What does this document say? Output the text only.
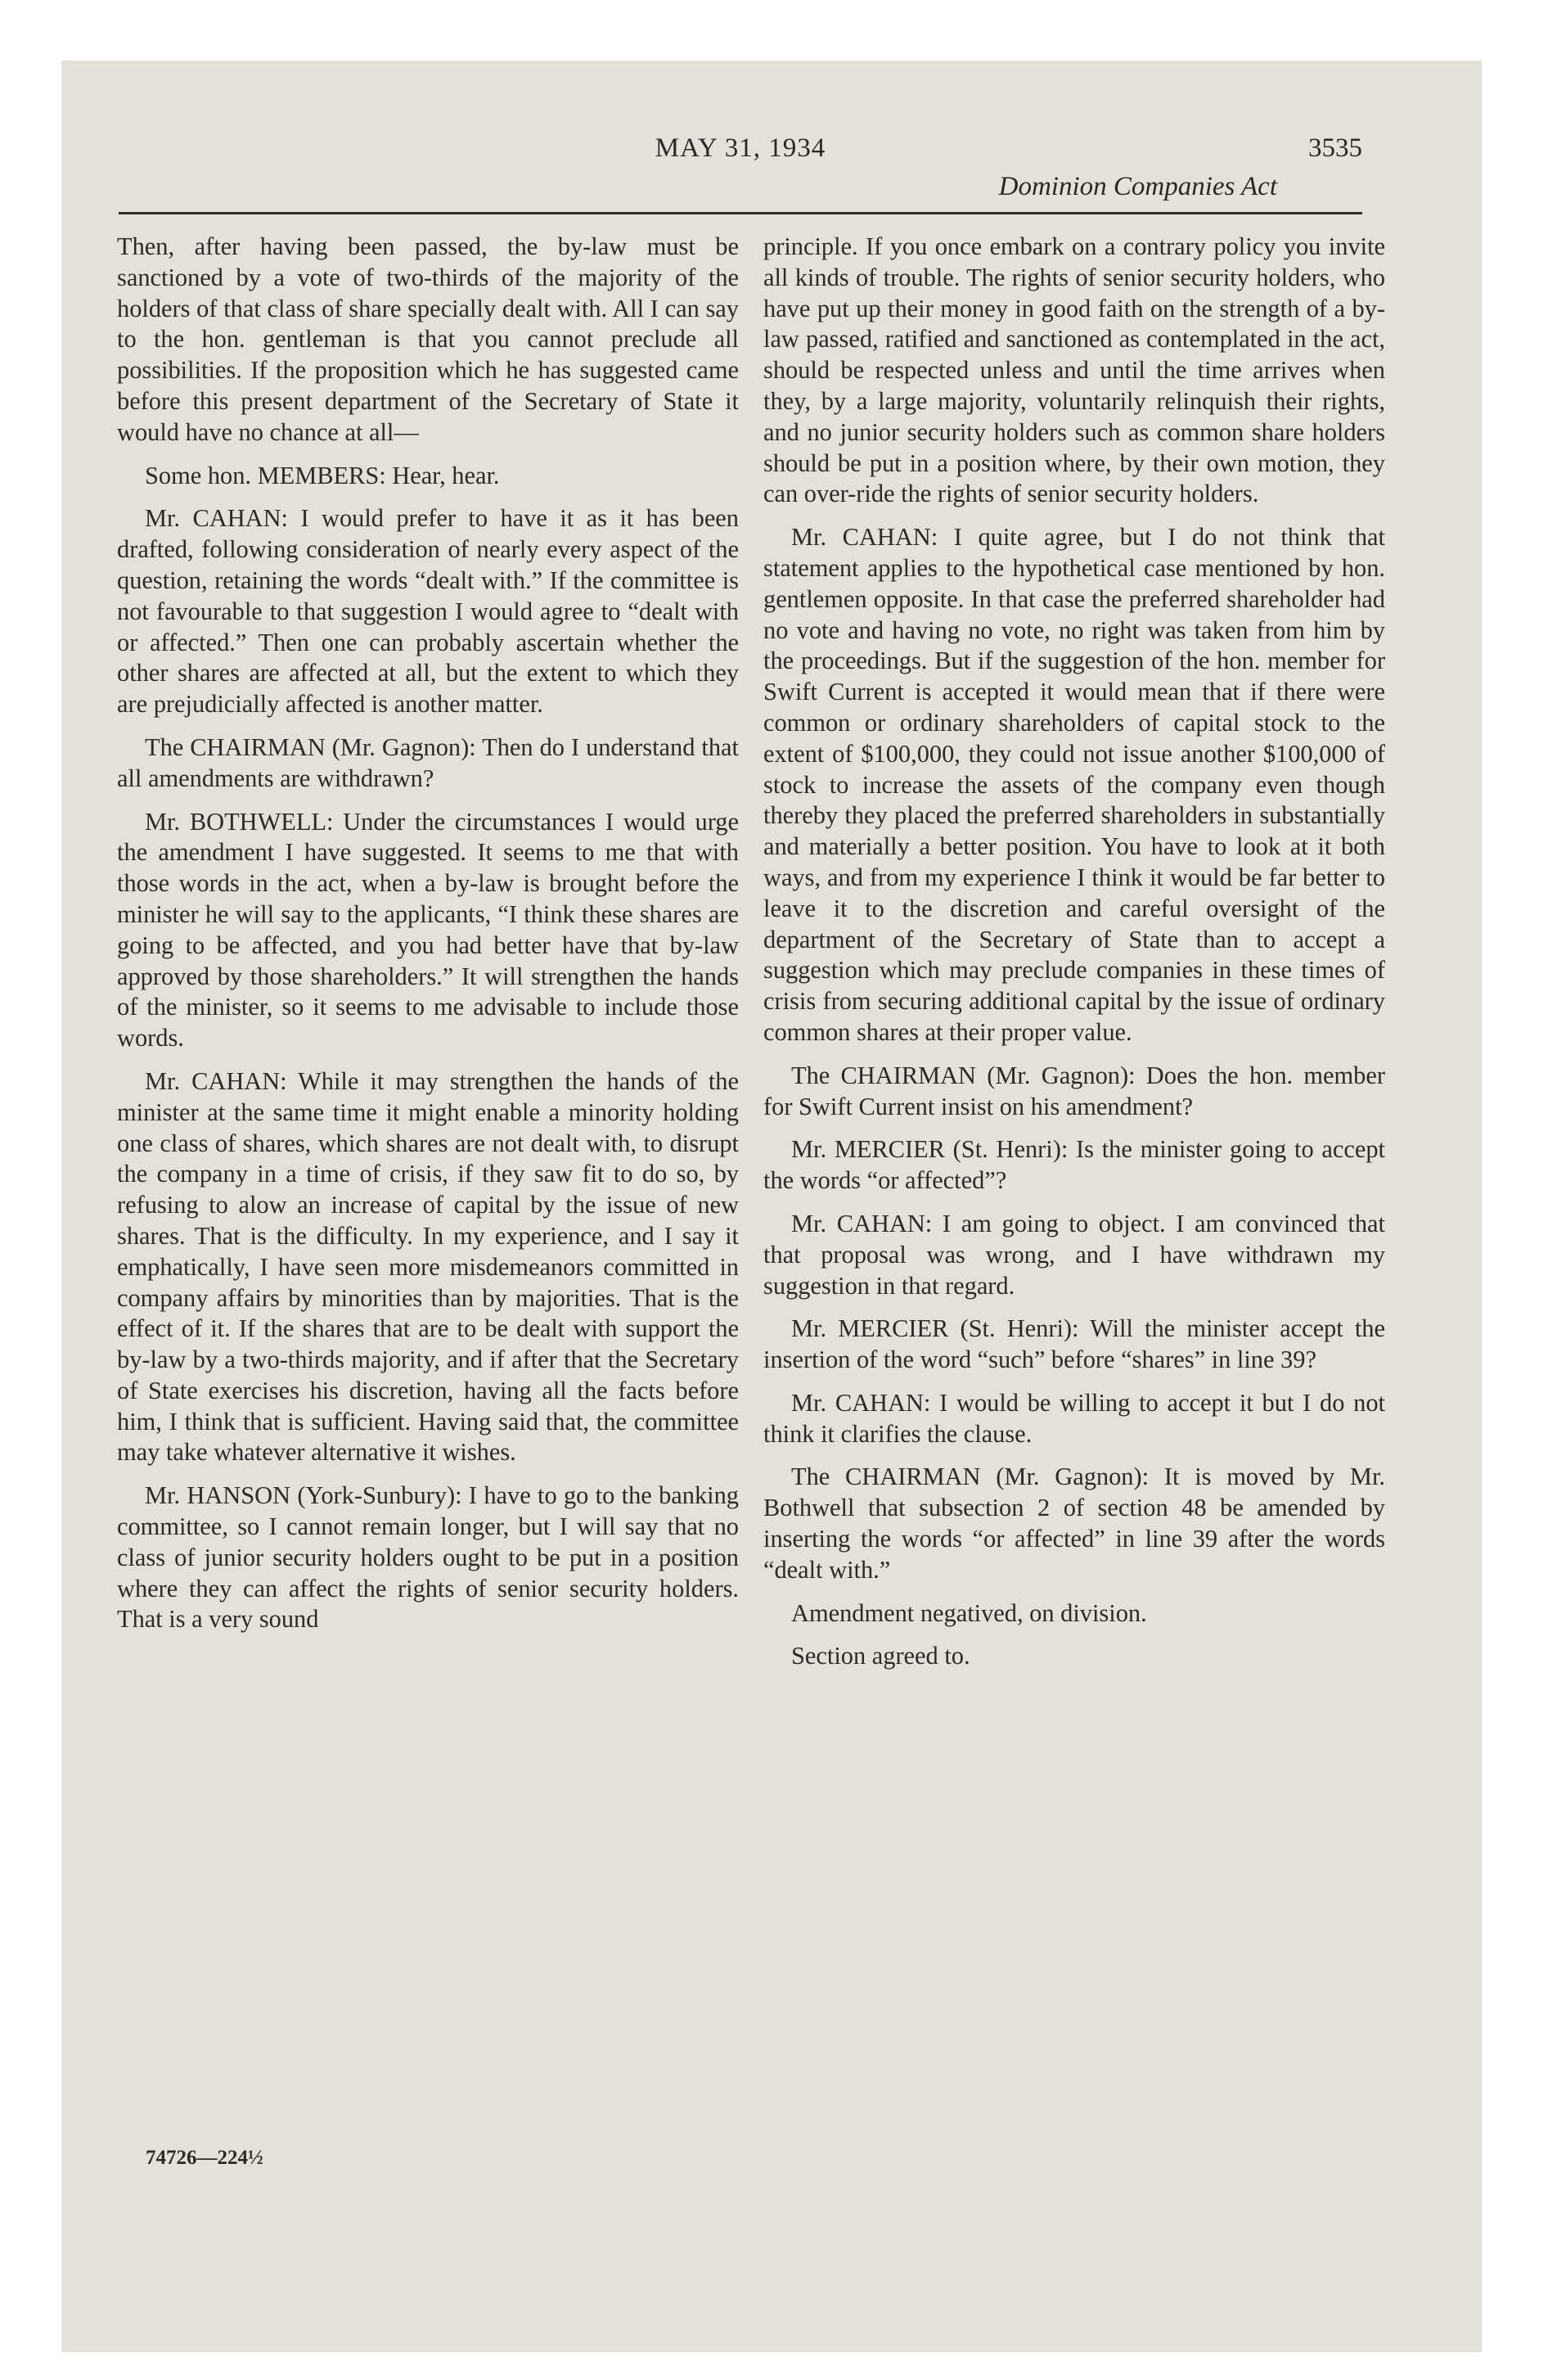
MAY 31, 1934	3535
Dominion Companies Act

Then, after having been passed, the by-law must be sanctioned by a vote of two-thirds of the majority of the holders of that class of share specially dealt with. All I can say to the hon. gentleman is that you cannot preclude all possibilities. If the proposition which he has suggested came before this present department of the Secretary of State it would have no chance at all—

Some hon. MEMBERS: Hear, hear.

Mr. CAHAN: I would prefer to have it as it has been drafted, following consideration of nearly every aspect of the question, retaining the words “dealt with.” If the committee is not favourable to that suggestion I would agree to “dealt with or affected.” Then one can probably ascertain whether the other shares are affected at all, but the extent to which they are prejudicially affected is another matter.

The CHAIRMAN (Mr. Gagnon): Then do I understand that all amendments are withdrawn?

Mr. BOTHWELL: Under the circumstances I would urge the amendment I have suggested. It seems to me that with those words in the act, when a by-law is brought before the minister he will say to the applicants, “I think these shares are going to be affected, and you had better have that by-law approved by those shareholders.” It will strengthen the hands of the minister, so it seems to me advisable to include those words.

Mr. CAHAN: While it may strengthen the hands of the minister at the same time it might enable a minority holding one class of shares, which shares are not dealt with, to disrupt the company in a time of crisis, if they saw fit to do so, by refusing to alow an increase of capital by the issue of new shares. That is the difficulty. In my experience, and I say it emphatically, I have seen more misdemeanors committed in company affairs by minorities than by majorities. That is the effect of it. If the shares that are to be dealt with support the by-law by a two-thirds majority, and if after that the Secretary of State exercises his discretion, having all the facts before him, I think that is sufficient. Having said that, the committee may take whatever alternative it wishes.

Mr. HANSON (York-Sunbury): I have to go to the banking committee, so I cannot remain longer, but I will say that no class of junior security holders ought to be put in a position where they can affect the rights of senior security holders. That is a very sound

74726—224½

principle. If you once embark on a contrary policy you invite all kinds of trouble. The rights of senior security holders, who have put up their money in good faith on the strength of a by-law passed, ratified and sanctioned as contemplated in the act, should be respected unless and until the time arrives when they, by a large majority, voluntarily relinquish their rights, and no junior security holders such as common share holders should be put in a position where, by their own motion, they can over-ride the rights of senior security holders.

Mr. CAHAN: I quite agree, but I do not think that statement applies to the hypothetical case mentioned by hon. gentlemen opposite. In that case the preferred shareholder had no vote and having no vote, no right was taken from him by the proceedings. But if the suggestion of the hon. member for Swift Current is accepted it would mean that if there were common or ordinary shareholders of capital stock to the extent of $100,000, they could not issue another $100,000 of stock to increase the assets of the company even though thereby they placed the preferred shareholders in substantially and materially a better position. You have to look at it both ways, and from my experience I think it would be far better to leave it to the discretion and careful oversight of the department of the Secretary of State than to accept a suggestion which may preclude companies in these times of crisis from securing additional capital by the issue of ordinary common shares at their proper value.

The CHAIRMAN (Mr. Gagnon): Does the hon. member for Swift Current insist on his amendment?

Mr. MERCIER (St. Henri): Is the minister going to accept the words “or affected”?

Mr. CAHAN: I am going to object. I am convinced that that proposal was wrong, and I have withdrawn my suggestion in that regard.

Mr. MERCIER (St. Henri): Will the minister accept the insertion of the word “such” before “shares” in line 39?

Mr. CAHAN: I would be willing to accept it but I do not think it clarifies the clause.

The CHAIRMAN (Mr. Gagnon): It is moved by Mr. Bothwell that subsection 2 of section 48 be amended by inserting the words “or affected” in line 39 after the words “dealt with.”

Amendment negatived, on division.

Section agreed to.
